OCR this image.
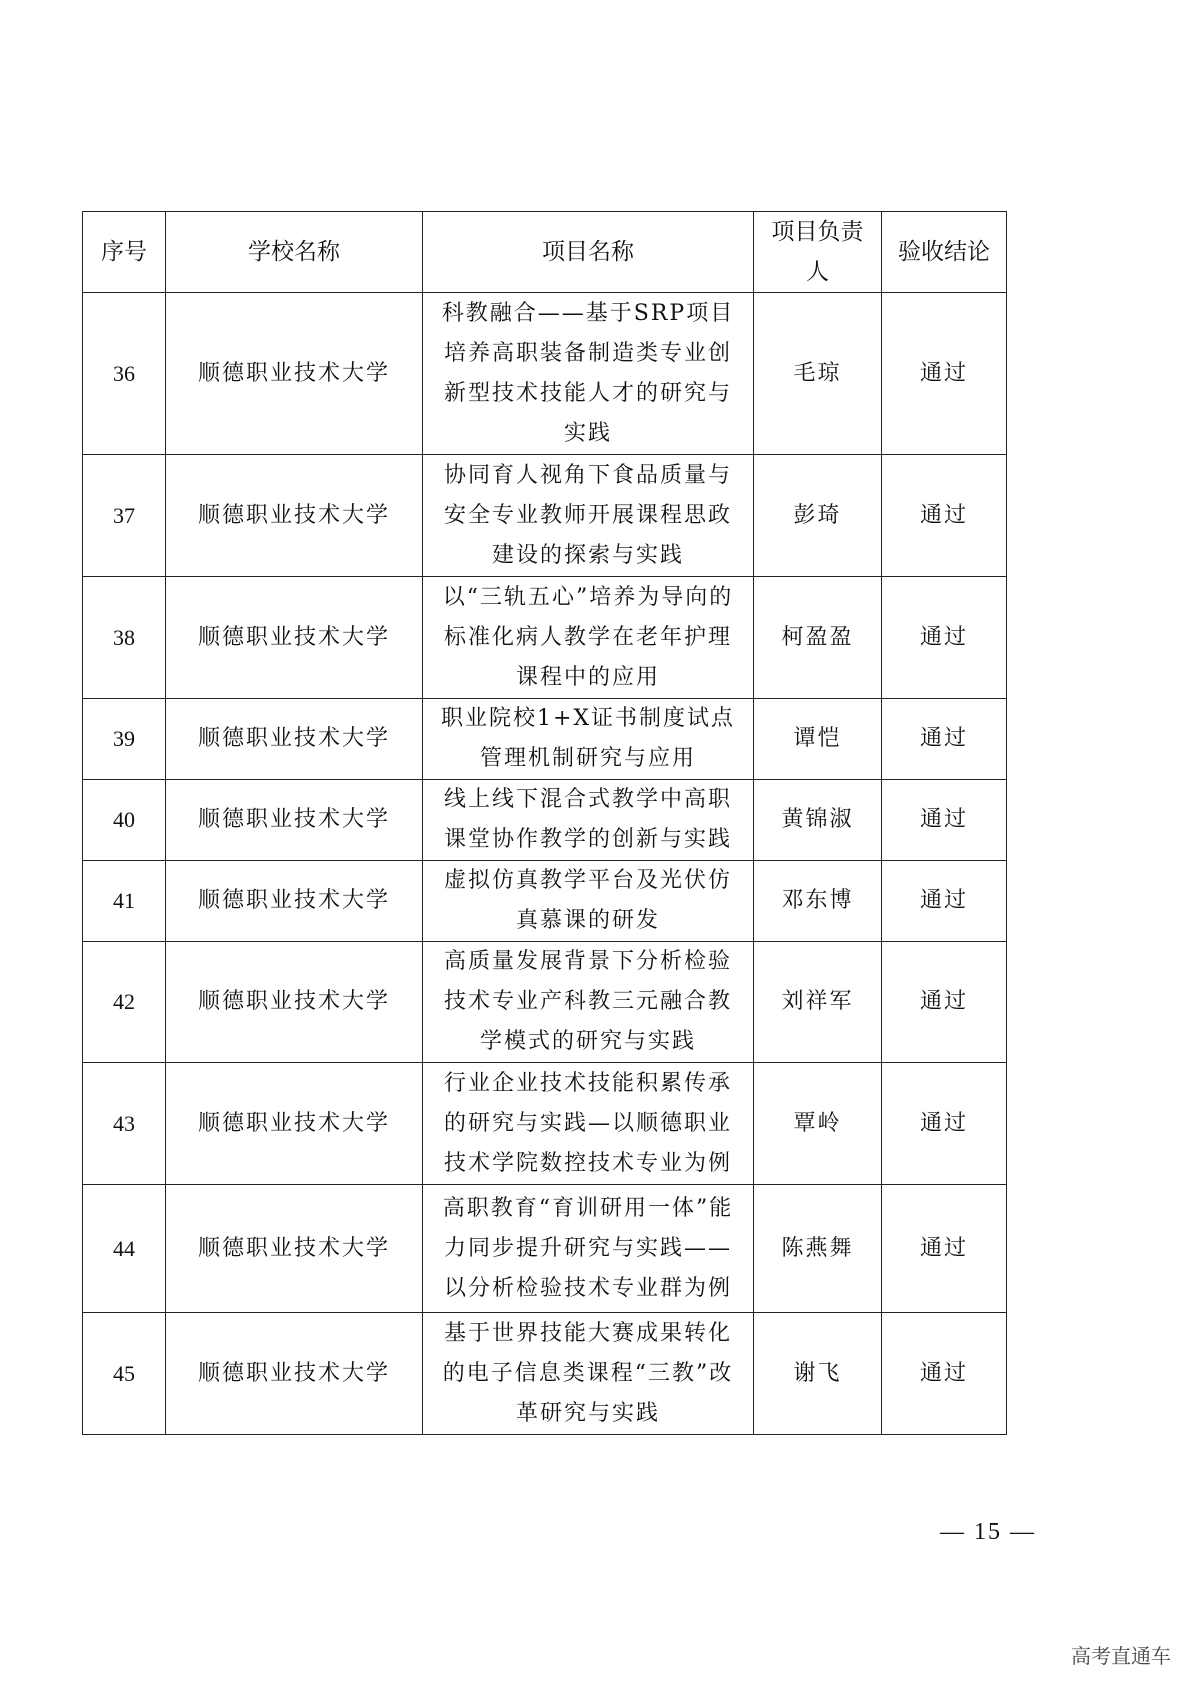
序号	学校名称	项目名称	项目负责人	验收结论
36	顺德职业技术大学	科教融合——基于SRP项目培养高职装备制造类专业创新型技术技能人才的研究与实践	毛琼	通过
37	顺德职业技术大学	协同育人视角下食品质量与安全专业教师开展课程思政建设的探索与实践	彭琦	通过
38	顺德职业技术大学	以“三轨五心”培养为导向的标准化病人教学在老年护理课程中的应用	柯盈盈	通过
39	顺德职业技术大学	职业院校1+X证书制度试点管理机制研究与应用	谭恺	通过
40	顺德职业技术大学	线上线下混合式教学中高职课堂协作教学的创新与实践	黄锦淑	通过
41	顺德职业技术大学	虚拟仿真教学平台及光伏仿真慕课的研发	邓东博	通过
42	顺德职业技术大学	高质量发展背景下分析检验技术专业产科教三元融合教学模式的研究与实践	刘祥军	通过
43	顺德职业技术大学	行业企业技术技能积累传承的研究与实践—以顺德职业技术学院数控技术专业为例	覃岭	通过
44	顺德职业技术大学	高职教育“育训研用一体”能力同步提升研究与实践——以分析检验技术专业群为例	陈燕舞	通过
45	顺德职业技术大学	基于世界技能大赛成果转化的电子信息类课程“三教”改革研究与实践	谢飞	通过
— 15 —
高考直通车
